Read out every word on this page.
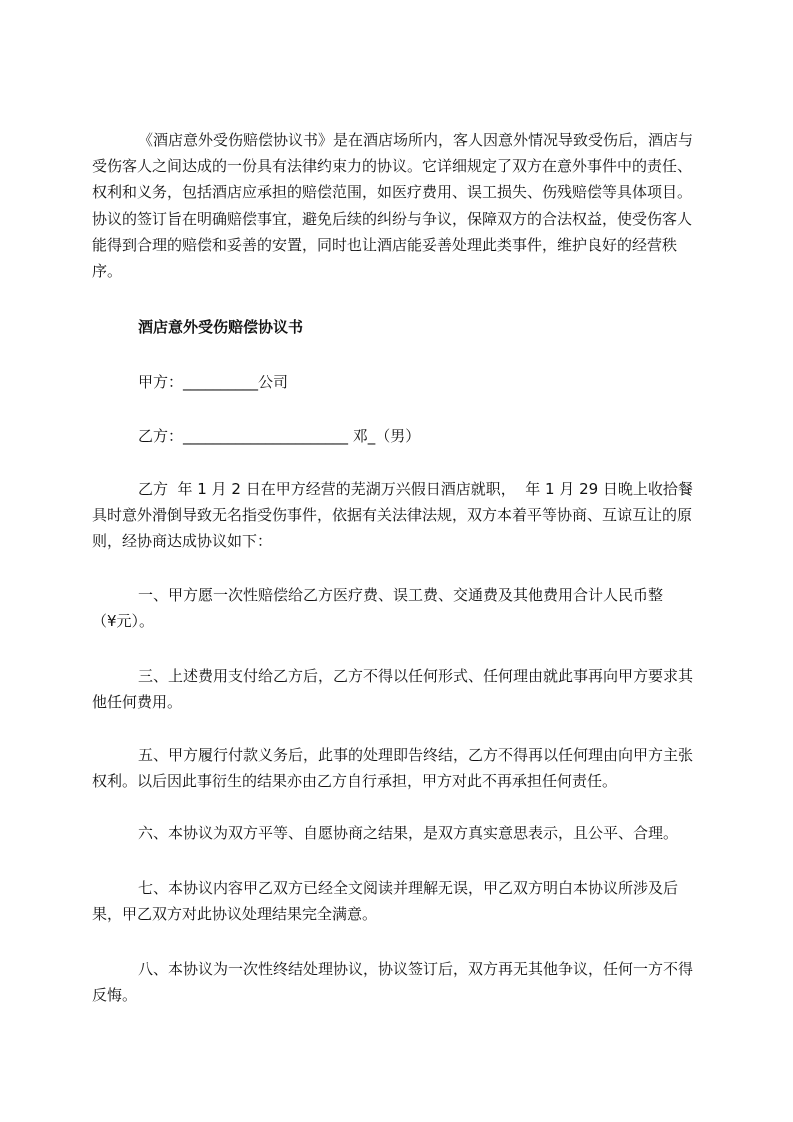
《酒店意外受伤赔偿协议书》是在酒店场所内，客人因意外情况导致受伤后，酒店与受伤客人之间达成的一份具有法律约束力的协议。它详细规定了双方在意外事件中的责任、权利和义务，包括酒店应承担的赔偿范围，如医疗费用、误工损失、伤残赔偿等具体项目。协议的签订旨在明确赔偿事宜，避免后续的纠纷与争议，保障双方的合法权益，使受伤客人能得到合理的赔偿和妥善的安置，同时也让酒店能妥善处理此类事件，维护良好的经营秩序。

酒店意外受伤赔偿协议书

甲方：__________公司

乙方：______________________ 邓_（男）

乙方  年 1 月 2 日在甲方经营的芜湖万兴假日酒店就职，  年 1 月 29 日晚上收拾餐具时意外滑倒导致无名指受伤事件，依据有关法律法规，双方本着平等协商、互谅互让的原则，经协商达成协议如下：

一、甲方愿一次性赔偿给乙方医疗费、误工费、交通费及其他费用合计人民币整（¥元）。

三、上述费用支付给乙方后，乙方不得以任何形式、任何理由就此事再向甲方要求其他任何费用。

五、甲方履行付款义务后，此事的处理即告终结，乙方不得再以任何理由向甲方主张权利。以后因此事衍生的结果亦由乙方自行承担，甲方对此不再承担任何责任。

六、本协议为双方平等、自愿协商之结果，是双方真实意思表示，且公平、合理。

七、本协议内容甲乙双方已经全文阅读并理解无误，甲乙双方明白本协议所涉及后果，甲乙双方对此协议处理结果完全满意。

八、本协议为一次性终结处理协议，协议签订后，双方再无其他争议，任何一方不得反悔。
